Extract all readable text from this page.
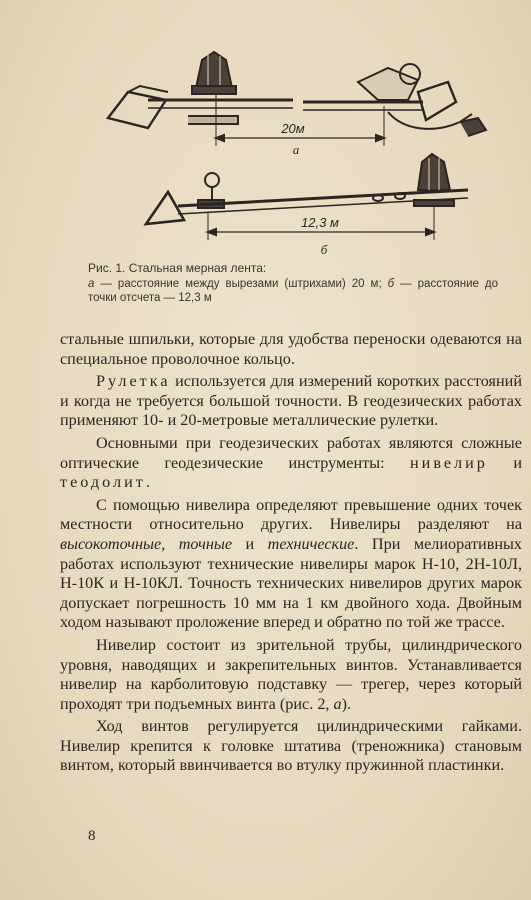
20м
а
12,3 м
б
Рис. 1. Стальная мерная лента:
а — расстояние между вырезами (штрихами) 20 м; б — расстояние до точки отсчета — 12,3 м

стальные шпильки, которые для удобства переноски одеваются на специальное проволочное кольцо.

Рулетка используется для измерений коротких расстояний и когда не требуется большой точности. В геодезических работах применяют 10- и 20-метровые металлические рулетки.

Основными при геодезических работах являются сложные оптические геодезические инструменты: нивелир и теодолит.

С помощью нивелира определяют превышение одних точек местности относительно других. Нивелиры разделяют на высокоточные, точные и технические. При мелиоративных работах используют технические нивелиры марок Н-10, 2Н-10Л, Н-10К и Н-10КЛ. Точность технических нивелиров других марок допускает погрешность 10 мм на 1 км двойного хода. Двойным ходом называют проложение вперед и обратно по той же трассе.

Нивелир состоит из зрительной трубы, цилиндрического уровня, наводящих и закрепительных винтов. Устанавливается нивелир на карболитовую подставку — трегер, через который проходят три подъемных винта (рис. 2, а).

Ход винтов регулируется цилиндрическими гайками. Нивелир крепится к головке штатива (треножника) становым винтом, который ввинчивается во втулку пружинной пластинки.

8
